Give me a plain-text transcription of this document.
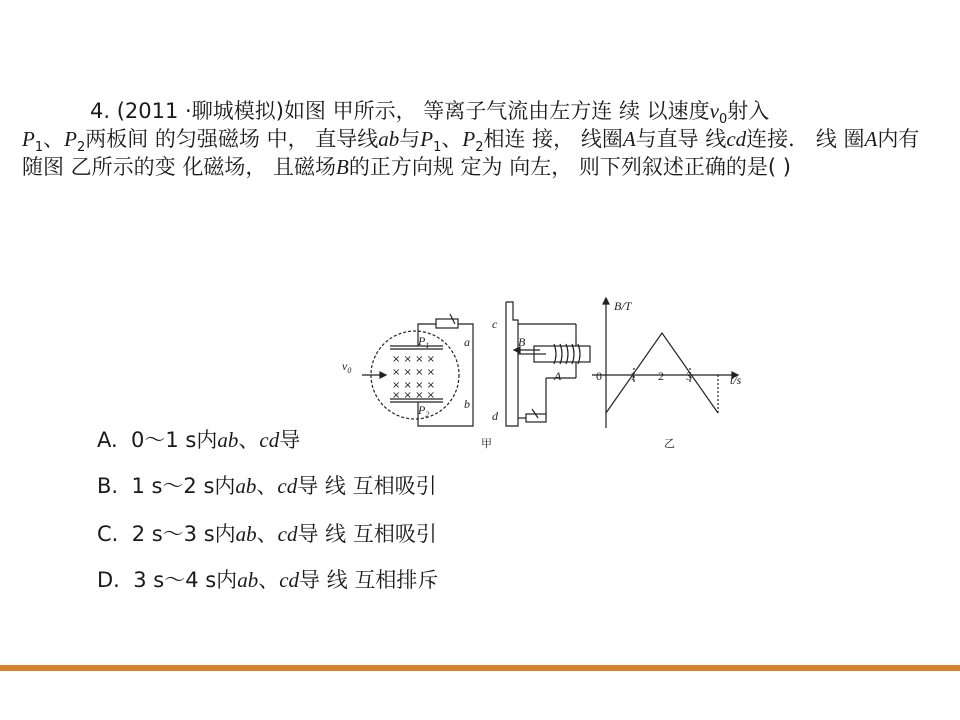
4. (2011 ·聊城模拟)如图 甲所示， 等离子气流由左方连 续 以速度$v_0$射入
$P_1$、$P_2$两板间 的匀强磁场 中， 直导线ab与$P_1$、$P_2$相连 接， 线圈A与直导 线cd连接． 线 圈A内有随图 乙所示的变 化磁场， 且磁场B的正方向规 定为 向左， 则下列叙述正确的是( )

× × × ×
× × × ×
× × × ×
× × × ×
$P_1$
$P_2$
a
b
c
d
B
A
$v_0$
B/T
t/s
0 1 2 3
A. 0～1 s内ab、cd导	甲	乙
B. 1 s～2 s内ab、cd导 线 互相吸引
C. 2 s～3 s内ab、cd导 线 互相吸引
D. 3 s～4 s内ab、cd导 线 互相排斥
